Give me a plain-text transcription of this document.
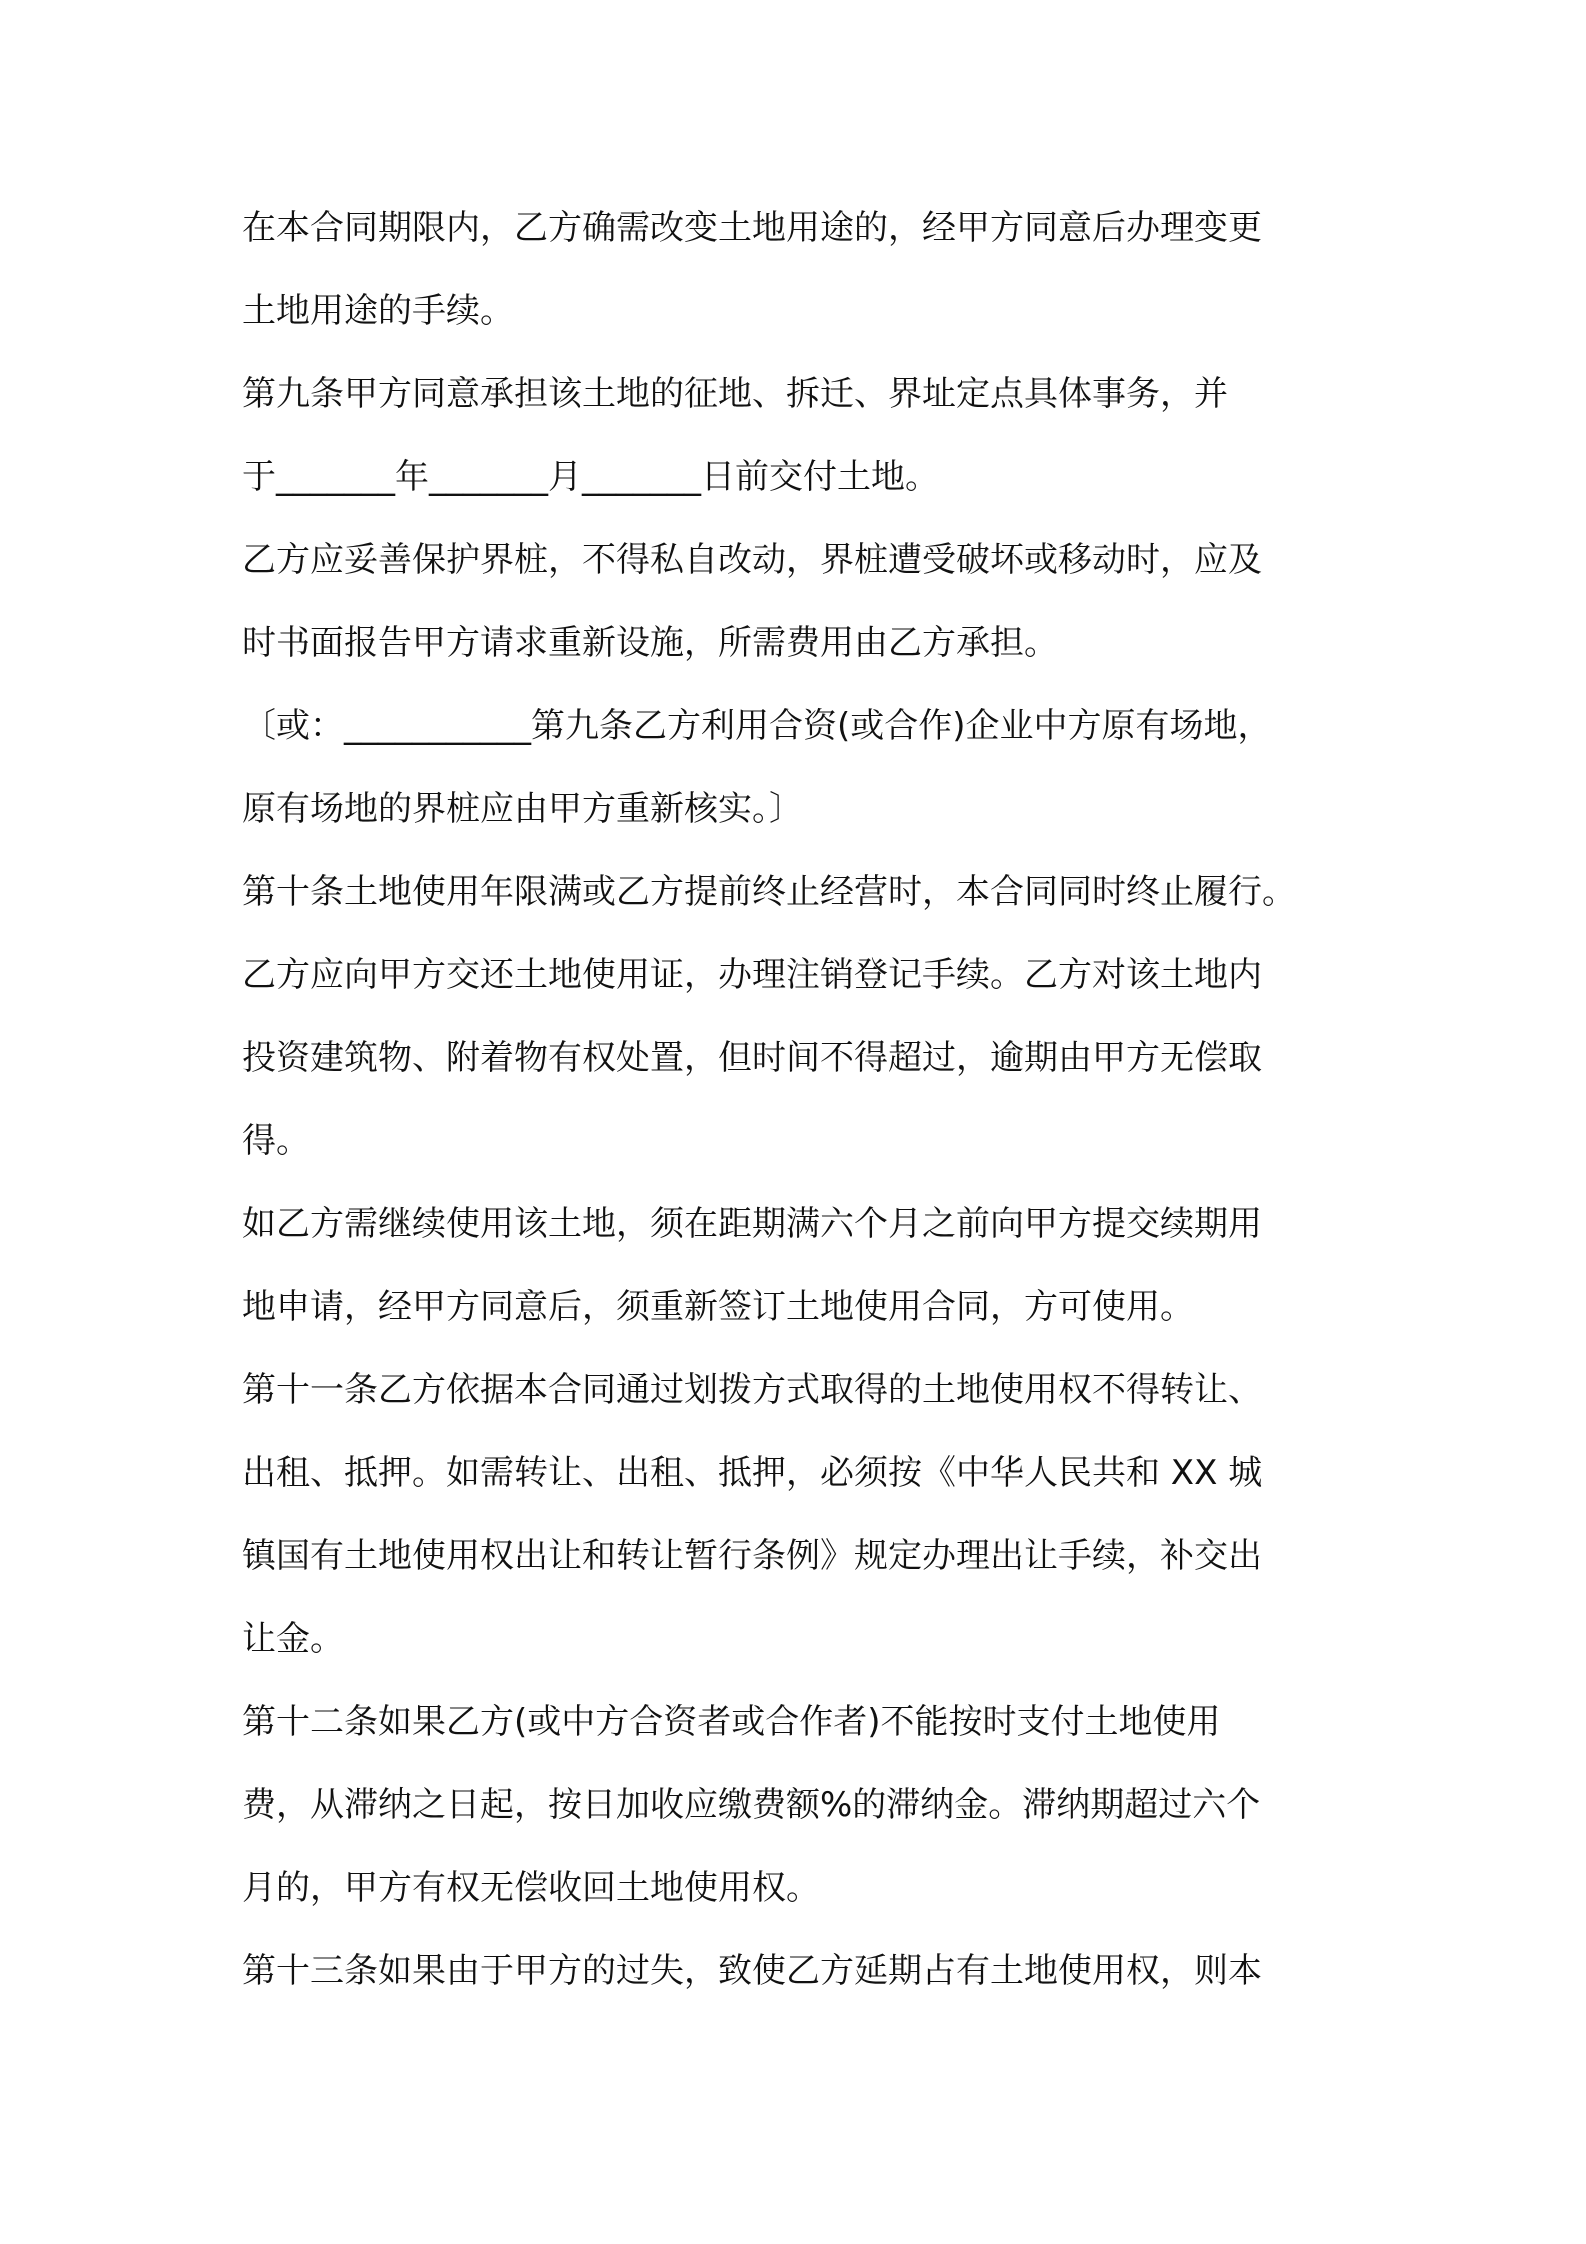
在本合同期限内，乙方确需改变土地用途的，经甲方同意后办理变更

土地用途的手续。

第九条甲方同意承担该土地的征地、拆迁、界址定点具体事务，并

于_______年_______月_______日前交付土地。

乙方应妥善保护界桩，不得私自改动，界桩遭受破坏或移动时，应及

时书面报告甲方请求重新设施，所需费用由乙方承担。

〔或：___________第九条乙方利用合资(或合作)企业中方原有场地，

原有场地的界桩应由甲方重新核实。〕

第十条土地使用年限满或乙方提前终止经营时，本合同同时终止履行。

乙方应向甲方交还土地使用证，办理注销登记手续。乙方对该土地内

投资建筑物、附着物有权处置，但时间不得超过，逾期由甲方无偿取

得。

如乙方需继续使用该土地，须在距期满六个月之前向甲方提交续期用

地申请，经甲方同意后，须重新签订土地使用合同，方可使用。

第十一条乙方依据本合同通过划拨方式取得的土地使用权不得转让、

出租、抵押。如需转让、出租、抵押，必须按《中华人民共和 XX 城

镇国有土地使用权出让和转让暂行条例》规定办理出让手续，补交出

让金。

第十二条如果乙方(或中方合资者或合作者)不能按时支付土地使用

费，从滞纳之日起，按日加收应缴费额%的滞纳金。滞纳期超过六个

月的，甲方有权无偿收回土地使用权。

第十三条如果由于甲方的过失，致使乙方延期占有土地使用权，则本
